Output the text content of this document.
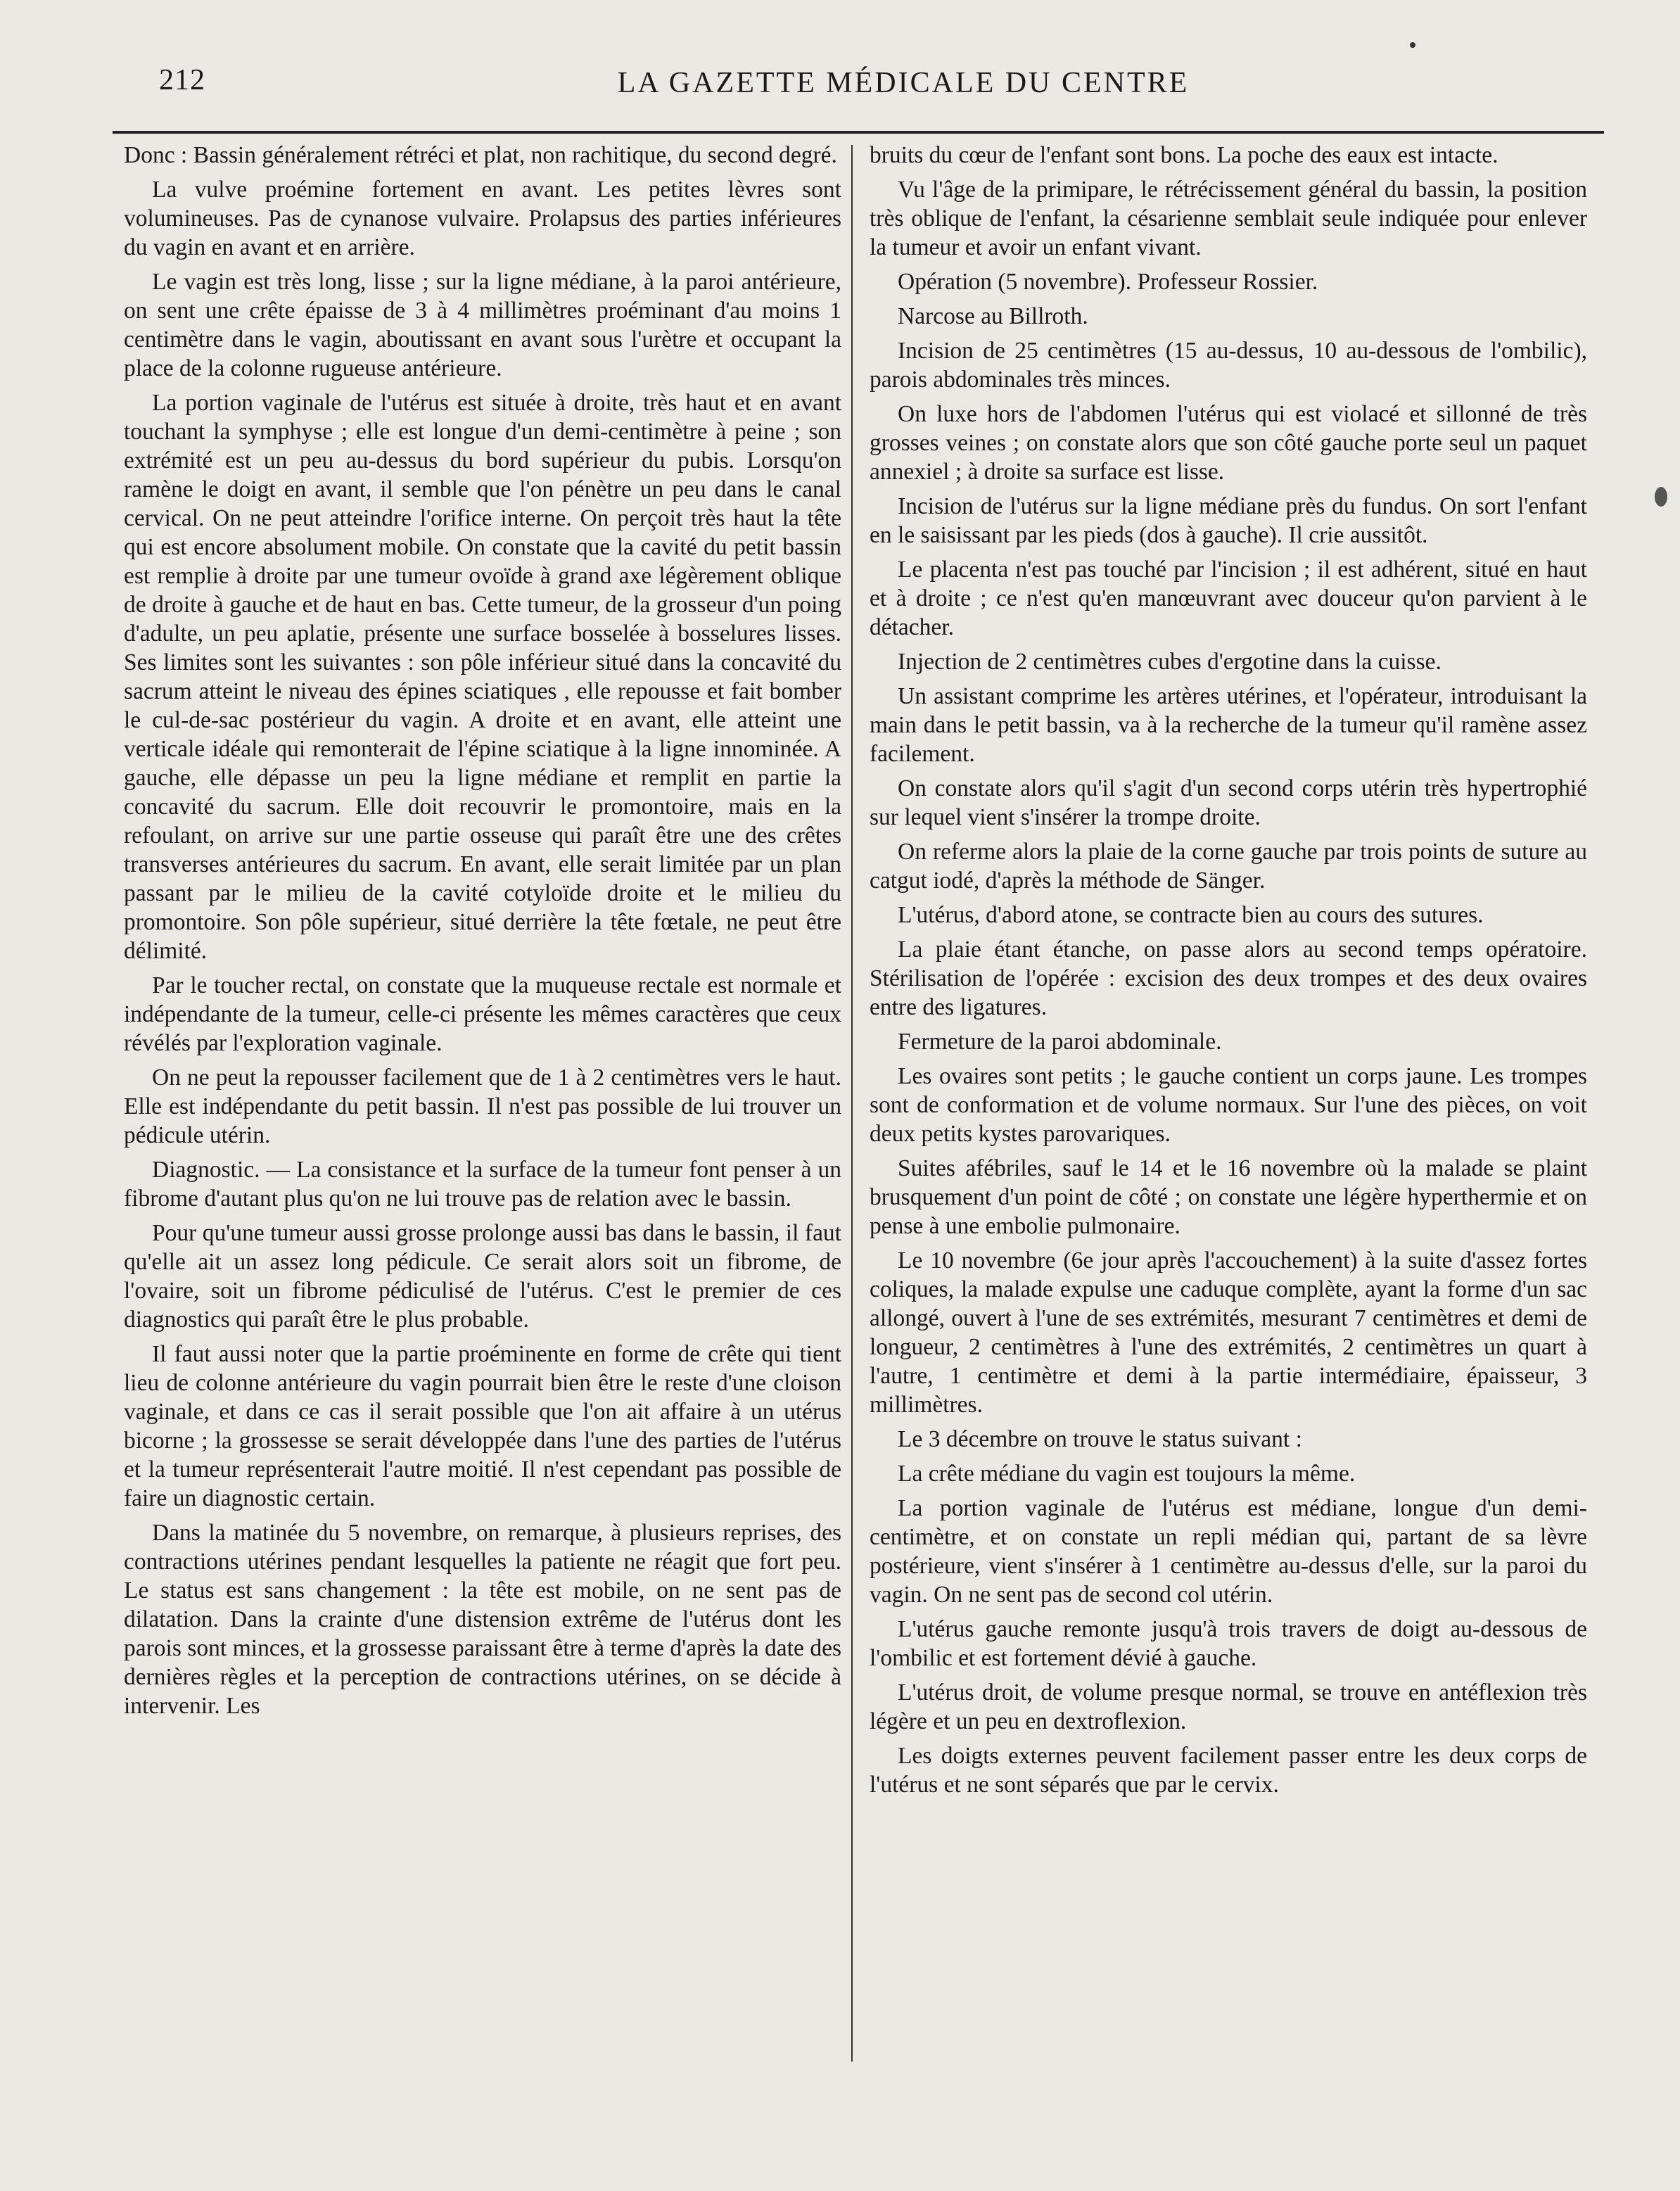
212	LA GAZETTE MÉDICALE DU CENTRE

Donc : Bassin généralement rétréci et plat, non rachitique, du second degré.

La vulve proémine fortement en avant. Les petites lèvres sont volumineuses. Pas de cynanose vulvaire. Prolapsus des parties inférieures du vagin en avant et en arrière.

Le vagin est très long, lisse ; sur la ligne médiane, à la paroi antérieure, on sent une crête épaisse de 3 à 4 millimètres proéminant d'au moins 1 centimètre dans le vagin, aboutissant en avant sous l'urètre et occupant la place de la colonne rugueuse antérieure.

La portion vaginale de l'utérus est située à droite, très haut et en avant touchant la symphyse ; elle est longue d'un demi-centimètre à peine ; son extrémité est un peu au-dessus du bord supérieur du pubis. Lorsqu'on ramène le doigt en avant, il semble que l'on pénètre un peu dans le canal cervical. On ne peut atteindre l'orifice interne. On perçoit très haut la tête qui est encore absolument mobile. On constate que la cavité du petit bassin est remplie à droite par une tumeur ovoïde à grand axe légèrement oblique de droite à gauche et de haut en bas. Cette tumeur, de la grosseur d'un poing d'adulte, un peu aplatie, présente une surface bosselée à bosselures lisses. Ses limites sont les suivantes : son pôle inférieur situé dans la concavité du sacrum atteint le niveau des épines sciatiques , elle repousse et fait bomber le cul-de-sac postérieur du vagin. A droite et en avant, elle atteint une verticale idéale qui remonterait de l'épine sciatique à la ligne innominée. A gauche, elle dépasse un peu la ligne médiane et remplit en partie la concavité du sacrum. Elle doit recouvrir le promontoire, mais en la refoulant, on arrive sur une partie osseuse qui paraît être une des crêtes transverses antérieures du sacrum. En avant, elle serait limitée par un plan passant par le milieu de la cavité cotyloïde droite et le milieu du promontoire. Son pôle supérieur, situé derrière la tête fœtale, ne peut être délimité.

Par le toucher rectal, on constate que la muqueuse rectale est normale et indépendante de la tumeur, celle-ci présente les mêmes caractères que ceux révélés par l'exploration vaginale.

On ne peut la repousser facilement que de 1 à 2 centimètres vers le haut. Elle est indépendante du petit bassin. Il n'est pas possible de lui trouver un pédicule utérin.

Diagnostic. — La consistance et la surface de la tumeur font penser à un fibrome d'autant plus qu'on ne lui trouve pas de relation avec le bassin.

Pour qu'une tumeur aussi grosse prolonge aussi bas dans le bassin, il faut qu'elle ait un assez long pédicule. Ce serait alors soit un fibrome, de l'ovaire, soit un fibrome pédiculisé de l'utérus. C'est le premier de ces diagnostics qui paraît être le plus probable.

Il faut aussi noter que la partie proéminente en forme de crête qui tient lieu de colonne antérieure du vagin pourrait bien être le reste d'une cloison vaginale, et dans ce cas il serait possible que l'on ait affaire à un utérus bicorne ; la grossesse se serait développée dans l'une des parties de l'utérus et la tumeur représenterait l'autre moitié. Il n'est cependant pas possible de faire un diagnostic certain.

Dans la matinée du 5 novembre, on remarque, à plusieurs reprises, des contractions utérines pendant lesquelles la patiente ne réagit que fort peu. Le status est sans changement : la tête est mobile, on ne sent pas de dilatation. Dans la crainte d'une distension extrême de l'utérus dont les parois sont minces, et la grossesse paraissant être à terme d'après la date des dernières règles et la perception de contractions utérines, on se décide à intervenir. Les

bruits du cœur de l'enfant sont bons. La poche des eaux est intacte.

Vu l'âge de la primipare, le rétrécissement général du bassin, la position très oblique de l'enfant, la césarienne semblait seule indiquée pour enlever la tumeur et avoir un enfant vivant.

Opération (5 novembre). Professeur Rossier.

Narcose au Billroth.

Incision de 25 centimètres (15 au-dessus, 10 au-dessous de l'ombilic), parois abdominales très minces.

On luxe hors de l'abdomen l'utérus qui est violacé et sillonné de très grosses veines ; on constate alors que son côté gauche porte seul un paquet annexiel ; à droite sa surface est lisse.

Incision de l'utérus sur la ligne médiane près du fundus. On sort l'enfant en le saisissant par les pieds (dos à gauche). Il crie aussitôt.

Le placenta n'est pas touché par l'incision ; il est adhérent, situé en haut et à droite ; ce n'est qu'en manœuvrant avec douceur qu'on parvient à le détacher.

Injection de 2 centimètres cubes d'ergotine dans la cuisse.

Un assistant comprime les artères utérines, et l'opérateur, introduisant la main dans le petit bassin, va à la recherche de la tumeur qu'il ramène assez facilement.

On constate alors qu'il s'agit d'un second corps utérin très hypertrophié sur lequel vient s'insérer la trompe droite.

On referme alors la plaie de la corne gauche par trois points de suture au catgut iodé, d'après la méthode de Sänger.

L'utérus, d'abord atone, se contracte bien au cours des sutures.

La plaie étant étanche, on passe alors au second temps opératoire. Stérilisation de l'opérée : excision des deux trompes et des deux ovaires entre des ligatures.

Fermeture de la paroi abdominale.

Les ovaires sont petits ; le gauche contient un corps jaune. Les trompes sont de conformation et de volume normaux. Sur l'une des pièces, on voit deux petits kystes parovariques.

Suites afébriles, sauf le 14 et le 16 novembre où la malade se plaint brusquement d'un point de côté ; on constate une légère hyperthermie et on pense à une embolie pulmonaire.

Le 10 novembre (6e jour après l'accouchement) à la suite d'assez fortes coliques, la malade expulse une caduque complète, ayant la forme d'un sac allongé, ouvert à l'une de ses extrémités, mesurant 7 centimètres et demi de longueur, 2 centimètres à l'une des extrémités, 2 centimètres un quart à l'autre, 1 centimètre et demi à la partie intermédiaire, épaisseur, 3 millimètres.

Le 3 décembre on trouve le status suivant :

La crête médiane du vagin est toujours la même.

La portion vaginale de l'utérus est médiane, longue d'un demi-centimètre, et on constate un repli médian qui, partant de sa lèvre postérieure, vient s'insérer à 1 centimètre au-dessus d'elle, sur la paroi du vagin. On ne sent pas de second col utérin.

L'utérus gauche remonte jusqu'à trois travers de doigt au-dessous de l'ombilic et est fortement dévié à gauche.

L'utérus droit, de volume presque normal, se trouve en antéflexion très légère et un peu en dextroflexion.

Les doigts externes peuvent facilement passer entre les deux corps de l'utérus et ne sont séparés que par le cervix.
